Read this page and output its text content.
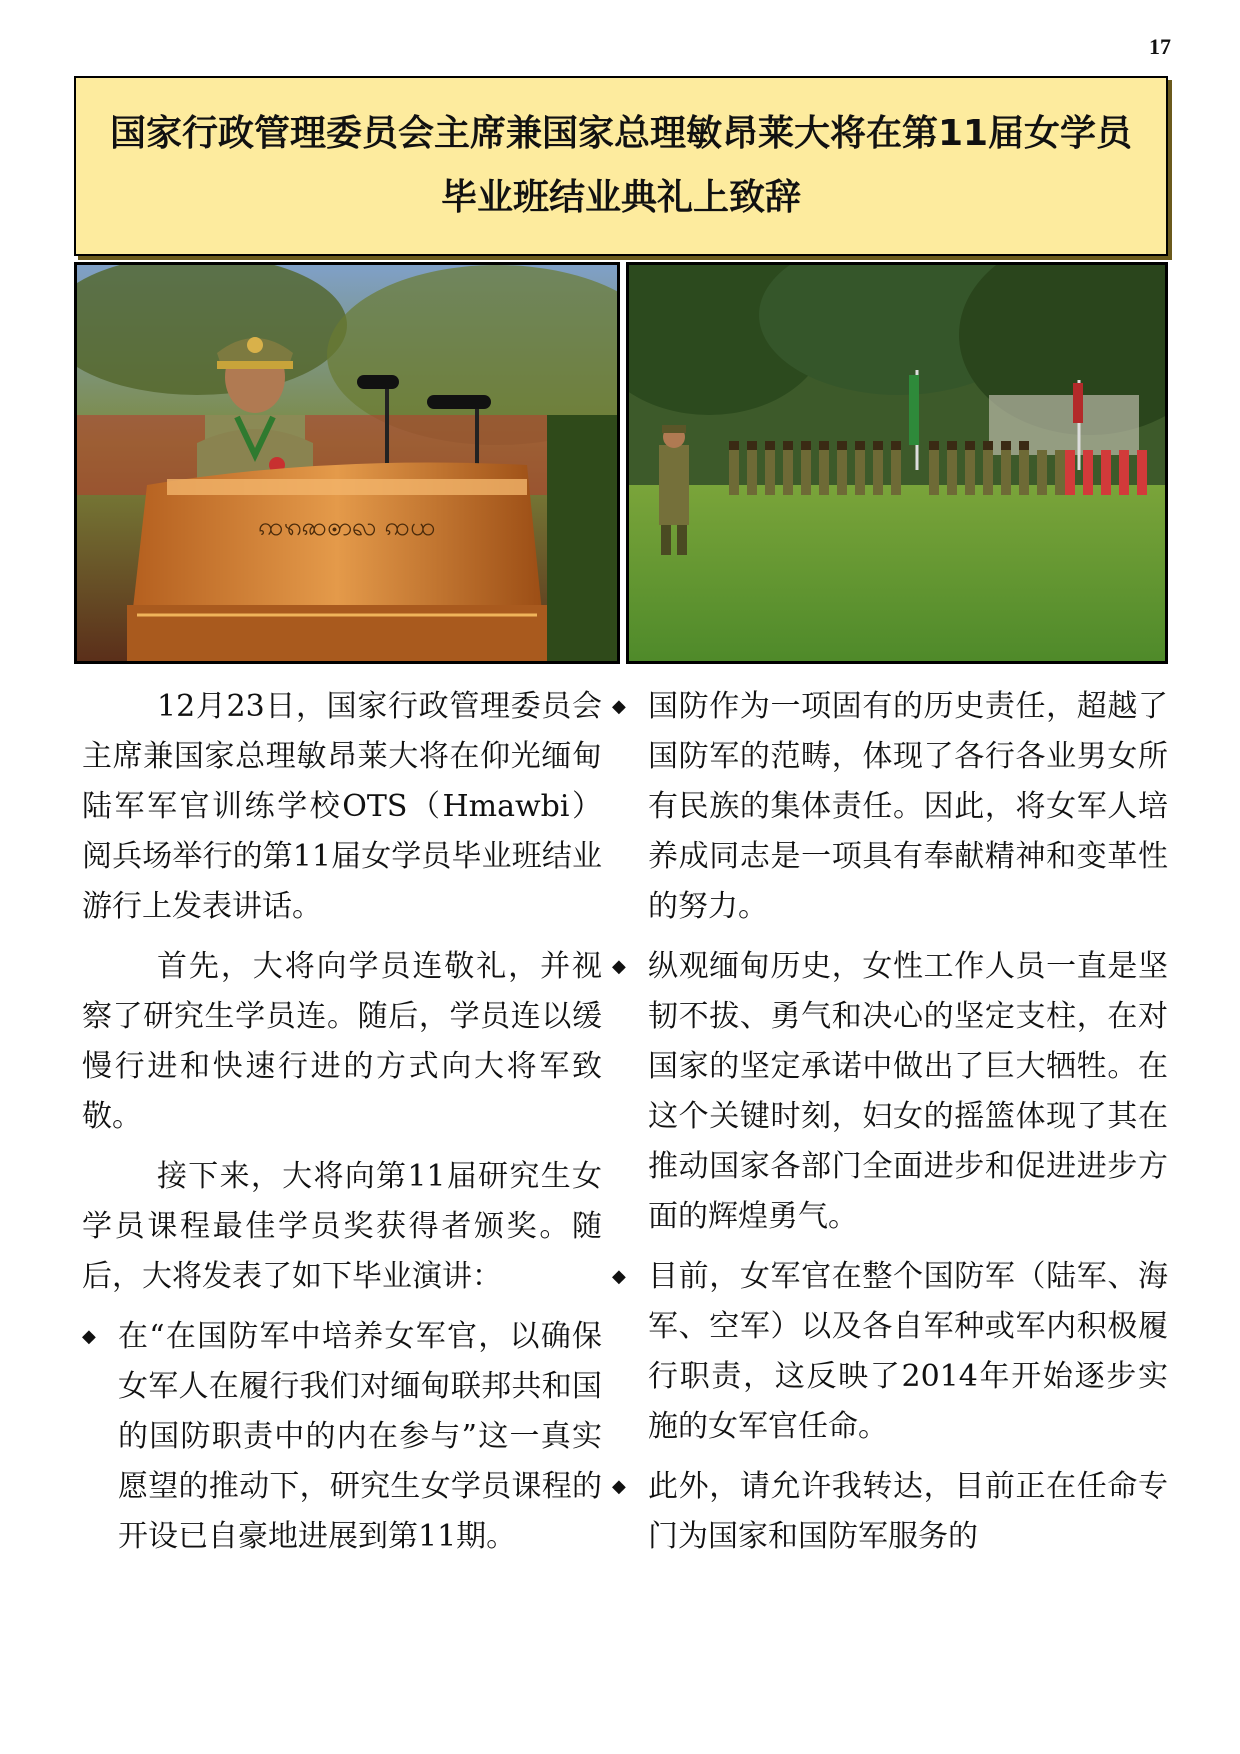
17
国家行政管理委员会主席兼国家总理敏昂莱大将在第11届女学员
毕业班结业典礼上致辞
ꩡꩫꩣꩦꩮ ꩡꩤ

12月23日，国家行政管理委员会主席兼国家总理敏昂莱大将在仰光缅甸陆军军官训练学校OTS（Hmawbi）阅兵场举行的第11届女学员毕业班结业游行上发表讲话。

首先，大将向学员连敬礼，并视察了研究生学员连。随后，学员连以缓慢行进和快速行进的方式向大将军致敬。

接下来，大将向第11届研究生女学员课程最佳学员奖获得者颁奖。随后，大将发表了如下毕业演讲：

◆ 在“在国防军中培养女军官，以确保女军人在履行我们对缅甸联邦共和国的国防职责中的内在参与”这一真实愿望的推动下，研究生女学员课程的开设已自豪地进展到第11期。
◆ 国防作为一项固有的历史责任，超越了国防军的范畴，体现了各行各业男女所有民族的集体责任。因此，将女军人培养成同志是一项具有奉献精神和变革性的努力。
◆ 纵观缅甸历史，女性工作人员一直是坚韧不拔、勇气和决心的坚定支柱，在对国家的坚定承诺中做出了巨大牺牲。在这个关键时刻，妇女的摇篮体现了其在推动国家各部门全面进步和促进进步方面的辉煌勇气。
◆ 目前，女军官在整个国防军（陆军、海军、空军）以及各自军种或军内积极履行职责，这反映了2014年开始逐步实施的女军官任命。
◆ 此外，请允许我转达，目前正在任命专门为国家和国防军服务的
